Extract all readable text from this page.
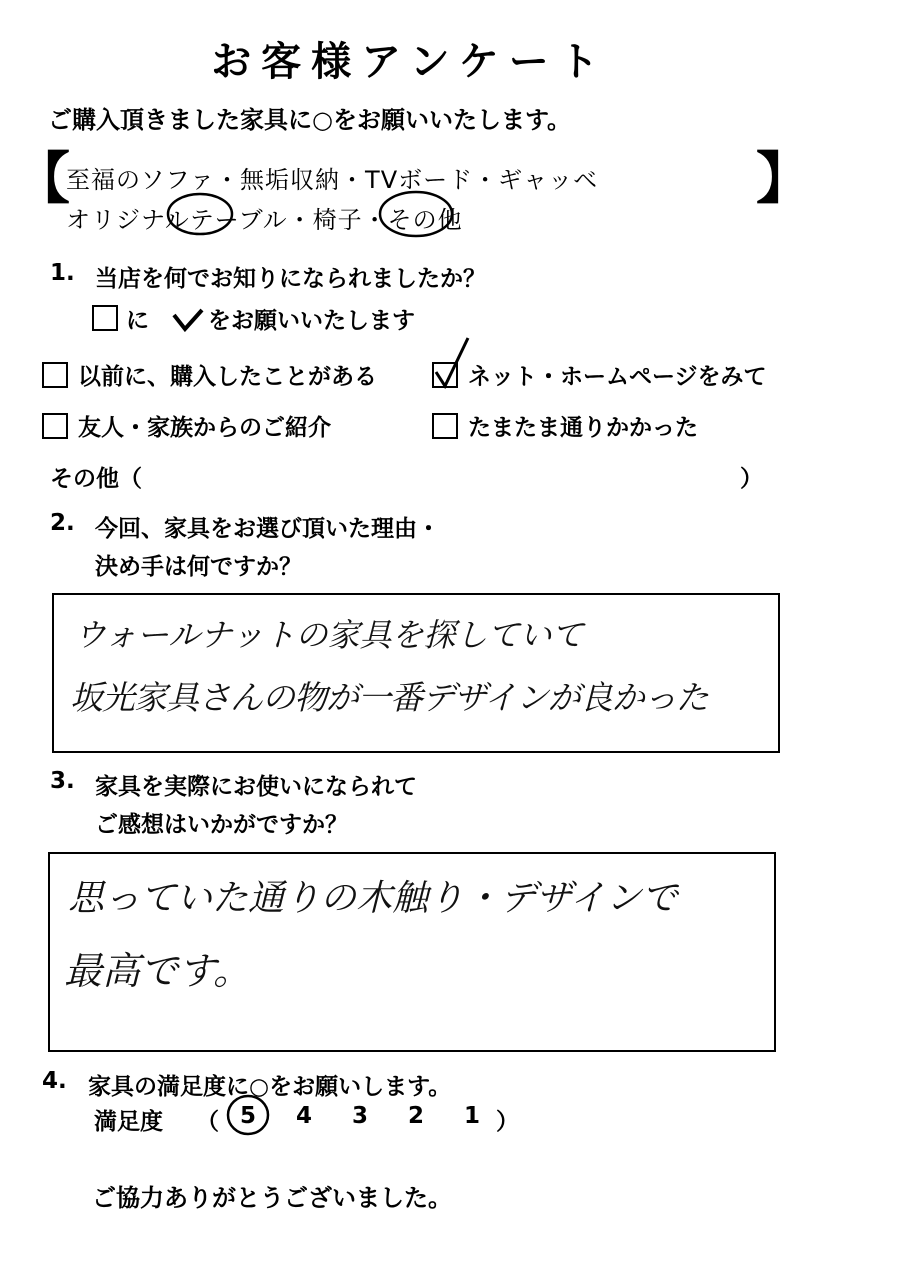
お客様アンケート
ご購入頂きました家具に○をお願いいたします。
【	】
至福のソファ・無垢収納・TVボード・ギャッベ
オリジナルテーブル・椅子・その他
1. 当店を何でお知りになられましたか？
に	をお願いいたします
以前に、購入したことがある	ネット・ホームページをみて
友人・家族からのご紹介	たまたま通りかかった
その他（	）
2. 今回、家具をお選び頂いた理由・
決め手は何ですか？
ウォールナットの家具を探していて
坂光家具さんの物が一番デザインが良かった
3. 家具を実際にお使いになられて
ご感想はいかがですか？
思っていた通りの木触り・デザインで
最高です。
4. 家具の満足度に○をお願いします。
満足度 （ 5 4 3 2 1 ）
ご協力ありがとうございました。
